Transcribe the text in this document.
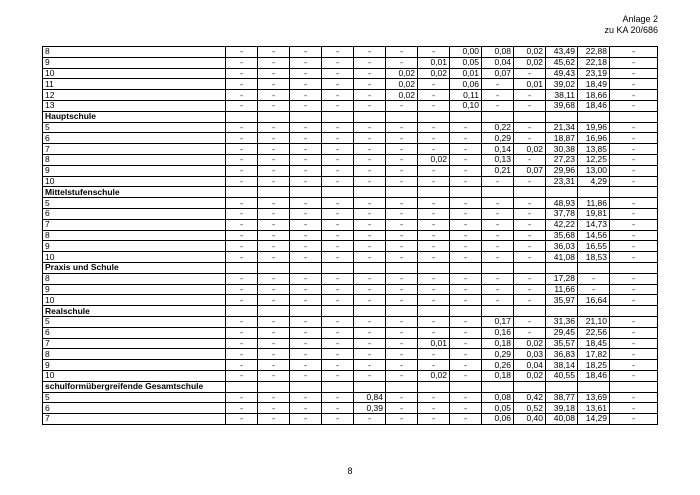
Anlage 2
zu KA 20/686
8	-	-	-	-	-	-	-	0,00	0,08	0,02	43,49	22,88	-
9	-	-	-	-	-	-	0,01	0,05	0,04	0,02	45,62	22,18	-
10	-	-	-	-	-	0,02	0,02	0,01	0,07	-	49,43	23,19	-
11	-	-	-	-	-	0,02	-	0,06	-	0,01	39,02	18,49	-
12	-	-	-	-	-	0,02	-	0,11	-	-	38,11	18,66	-
13	-	-	-	-	-	-	-	0,10	-	-	39,68	18,46	-
Hauptschule													
5	-	-	-	-	-	-	-	-	0,22	-	21,34	19,96	-
6	-	-	-	-	-	-	-	-	0,29	-	18,87	16,96	-
7	-	-	-	-	-	-	-	-	0,14	0,02	30,38	13,85	-
8	-	-	-	-	-	-	0,02	-	0,13	-	27,23	12,25	-
9	-	-	-	-	-	-	-	-	0,21	0,07	29,96	13,00	-
10	-	-	-	-	-	-	-	-	-	-	23,31	4,29	-
Mittelstufenschule													
5	-	-	-	-	-	-	-	-	-	-	48,93	11,86	-
6	-	-	-	-	-	-	-	-	-	-	37,78	19,81	-
7	-	-	-	-	-	-	-	-	-	-	42,22	14,73	-
8	-	-	-	-	-	-	-	-	-	-	35,68	14,56	-
9	-	-	-	-	-	-	-	-	-	-	36,03	16,55	-
10	-	-	-	-	-	-	-	-	-	-	41,08	18,53	-
Praxis und Schule													
8	-	-	-	-	-	-	-	-	-	-	17,28	-	-
9	-	-	-	-	-	-	-	-	-	-	11,66	-	-
10	-	-	-	-	-	-	-	-	-	-	35,97	16,64	-
Realschule													
5	-	-	-	-	-	-	-	-	0,17	-	31,36	21,10	-
6	-	-	-	-	-	-	-	-	0,16	-	29,45	22,56	-
7	-	-	-	-	-	-	0,01	-	0,18	0,02	35,57	18,45	-
8	-	-	-	-	-	-	-	-	0,29	0,03	36,83	17,82	-
9	-	-	-	-	-	-	-	-	0,26	0,04	38,14	18,25	-
10	-	-	-	-	-	-	0,02	-	0,18	0,02	40,55	18,46	-
schulformübergreifende Gesamtschule													
5	-	-	-	-	0,84	-	-	-	0,08	0,42	38,77	13,69	-
6	-	-	-	-	0,39	-	-	-	0,05	0,52	39,18	13,61	-
7	-	-	-	-	-	-	-	-	0,06	0,40	40,08	14,29	-
8
